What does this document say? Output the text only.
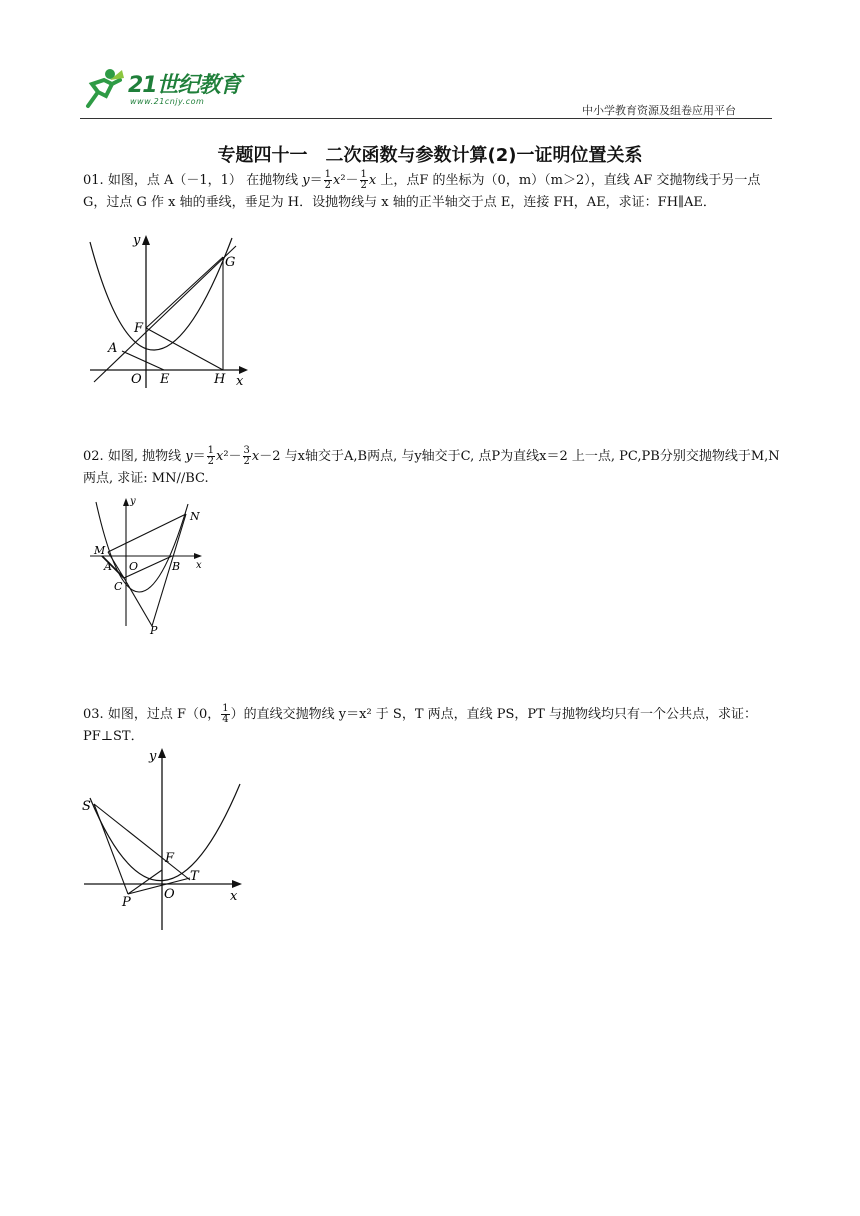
21世纪教育
www.21cnjy.com
中小学教育资源及组卷应用平台
专题四十一　二次函数与参数计算(2)一证明位置关系
01. 如图，点 A（－1，1） 在抛物线 $y= \frac{1}{2} x^2- \frac{1}{2}$ x 上，点F 的坐标为（0，m）（m＞2），直线 AF 交抛物线于另一点 G，过点 G 作 x 轴的垂线，垂足为 H．设抛物线与 x 轴的正半轴交于点 E，连接 FH，AE，求证：FH∥AE．
y
x
F
G
A
O E	H
02. 如图, 抛物线 $y= \frac{1}{2} x^2- \frac{3}{2} x-2$ 与x轴交于A,B两点, 与y轴交于C, 点P为直线x＝2 上一点, PC,PB分别交抛物线于M,N两点, 求证: MN//BC.
y
x
M
N
A O	B
C
P
03. 如图，过点 F（0， $\frac{1}{4}$ ）的直线交抛物线 y＝x² 于 S，T 两点，直线 PS，PT 与抛物线均只有一个公共点，求证：PF⊥ST．
y
x
S
F
T
P
O
